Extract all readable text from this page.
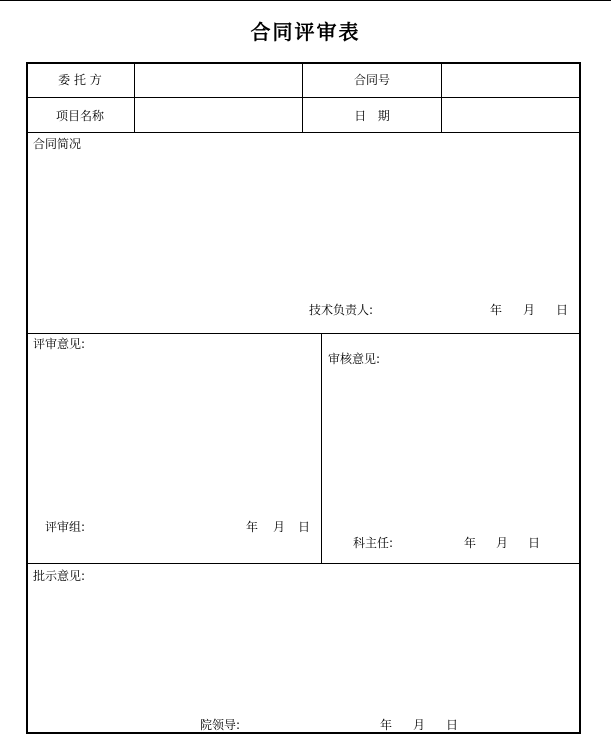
合同评审表
委 托 方	合同号
项目名称	日   期
合同简况
技术负责人:	年 月 日
评审意见:
评审组:	年 月 日
审核意见:
科主任:	年 月 日
批示意见:
院领导:	年 月 日
